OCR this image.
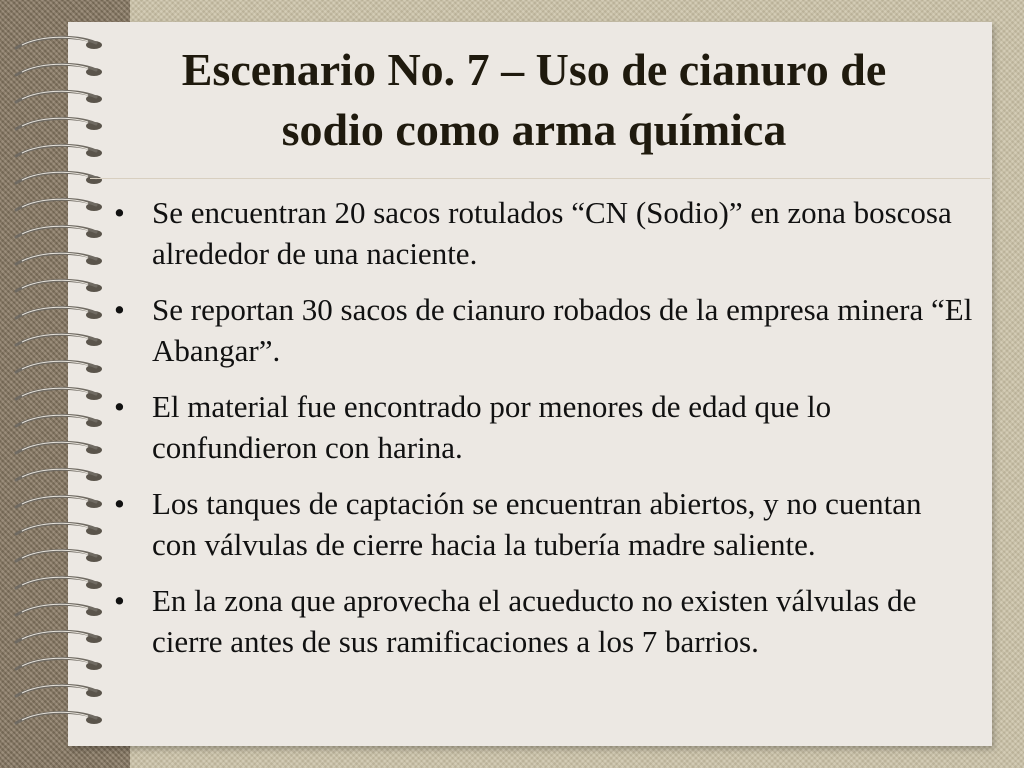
Escenario No. 7 – Uso de cianuro de
sodio como arma química
• Se encuentran 20 sacos rotulados “CN (Sodio)” en zona boscosa alrededor de una naciente.
• Se reportan 30 sacos de cianuro robados de la empresa minera “El Abangar”.
• El material fue encontrado por menores de edad que lo confundieron con harina.
• Los tanques de captación se encuentran abiertos, y no cuentan con válvulas de cierre hacia la tubería madre saliente.
• En la zona que aprovecha el acueducto no existen válvulas de cierre antes de sus ramificaciones a los 7 barrios.
